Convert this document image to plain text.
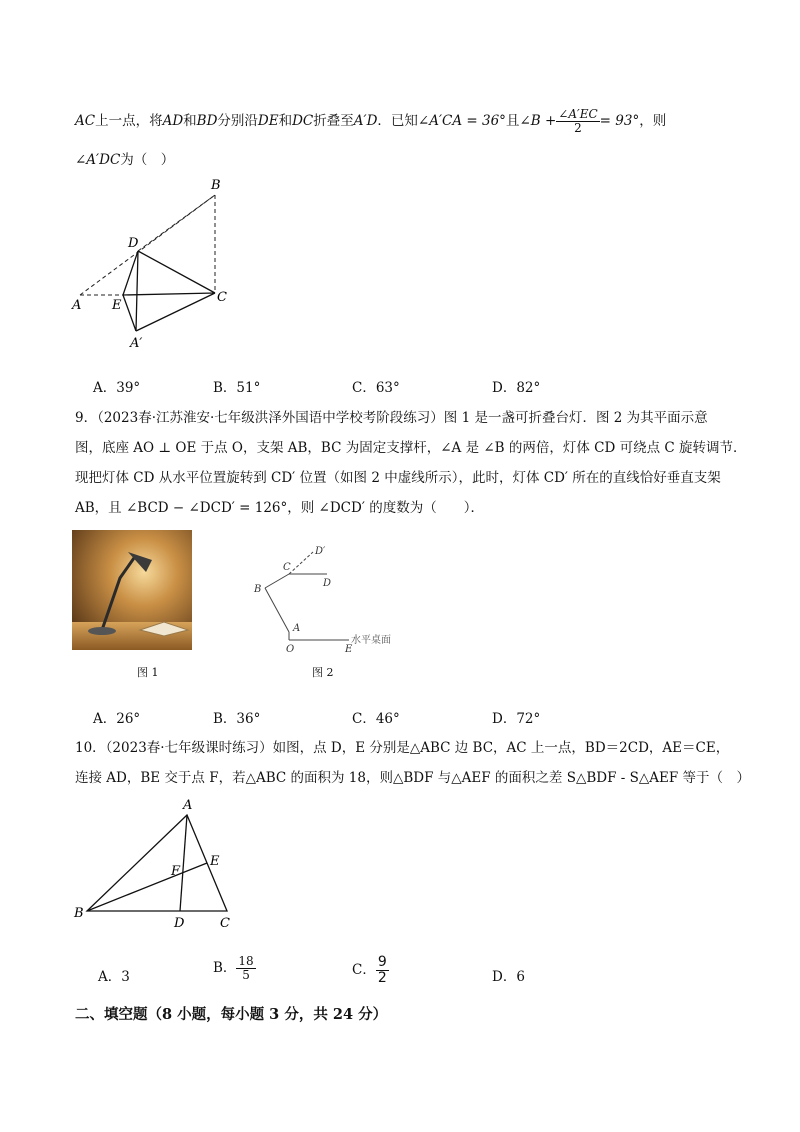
AC上一点，将AD和BD分别沿DE和DC折叠至A′D．已知∠A′CA = 36°且∠B + $\frac{\angle A'EC}{2} = 93^\circ$，则
∠A′DC为（　）
B
D
A E
C
A′
A．39°	B．51°	C．63°	D．82°
9．（2023春·江苏淮安·七年级洪泽外国语中学校考阶段练习）图 1 是一盏可折叠台灯．图 2 为其平面示意
图，底座 AO ⊥ OE 于点 O，支架 AB，BC 为固定支撑杆，∠A 是 ∠B 的两倍，灯体 CD 可绕点 C 旋转调节．
现把灯体 CD 从水平位置旋转到 CD′ 位置（如图 2 中虚线所示），此时，灯体 CD′ 所在的直线恰好垂直支架
AB，且 ∠BCD − ∠DCD′ = 126°，则 ∠DCD′ 的度数为（　　）．
图 1
D′
C
D
B
A
O	E
水平桌面
图 2
A．26°	B．36°	C．46°	D．72°
10．（2023春·七年级课时练习）如图，点 D，E 分别是△ABC 边 BC，AC 上一点，BD＝2CD，AE＝CE，
连接 AD，BE 交于点 F，若△ABC 的面积为 18，则△BDF 与△AEF 的面积之差 S△BDF - S△AEF 等于（　）
A
E
F
B
D	C
A．3
B． $\frac{18}{5}$	C． $\frac{9}{2}$	D．6
二、填空题（8 小题，每小题 3 分，共 24 分）
